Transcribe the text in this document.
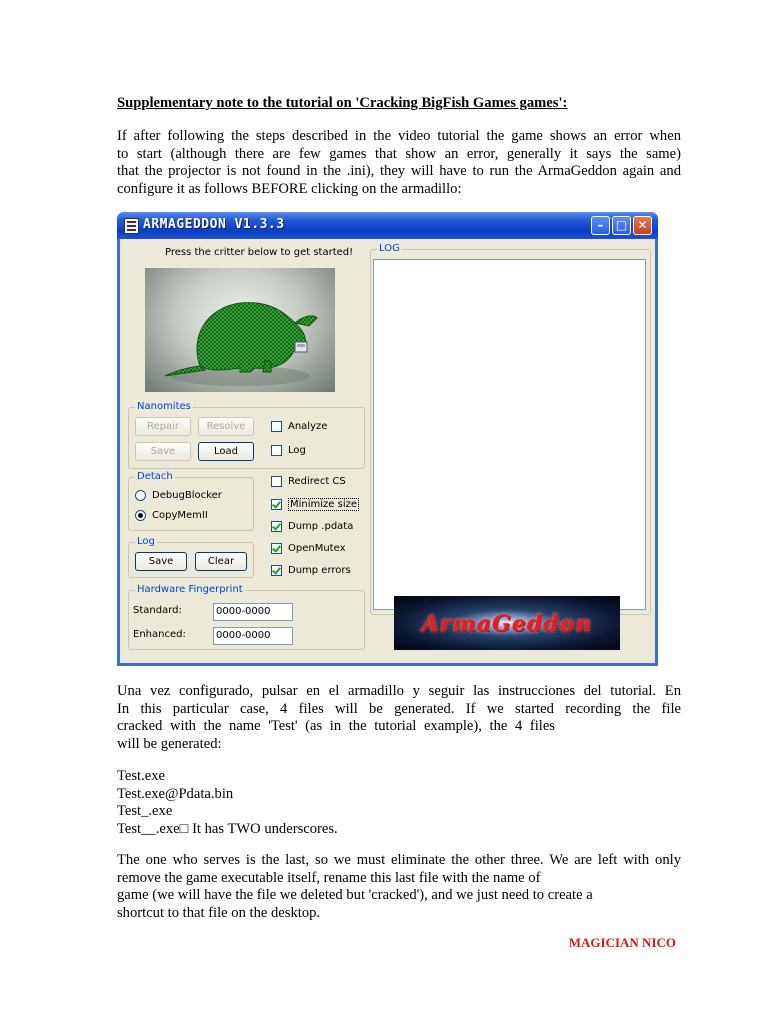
Supplementary note to the tutorial on 'Cracking BigFish Games games':
If after following the steps described in the video tutorial the game shows an error when
to start (although there are few games that show an error, generally it says the same)
that the projector is not found in the .ini), they will have to run the ArmaGeddon again and
configure it as follows BEFORE clicking on the armadillo:
ARMAGEDDON V1.3.3	–	□ ✕
Press the critter below to get started!
Nanomites
Repair	Resolve
Save	Load
Analyze
Log
Detach
DebugBlocker
CopyMemII
Redirect CS
Minimize size
Dump .pdata
OpenMutex
Dump errors
Log
Save	Clear
Hardware Fingerprint
Standard:	0000-0000
Enhanced:	0000-0000
LOG
ArmaGeddon
Una vez configurado, pulsar en el armadillo y seguir las instrucciones del tutorial. En
In this particular case, 4 files will be generated. If we started recording the file
cracked with the name 'Test' (as in the tutorial example), the 4 files
will be generated:
Test.exe
Test.exe@Pdata.bin
Test_.exe
Test__.exe□ It has TWO underscores.
The one who serves is the last, so we must eliminate the other three. We are left with only
remove the game executable itself, rename this last file with the name of
game (we will have the file we deleted but 'cracked'), and we just need to create a
shortcut to that file on the desktop.
MAGICIAN NICO
